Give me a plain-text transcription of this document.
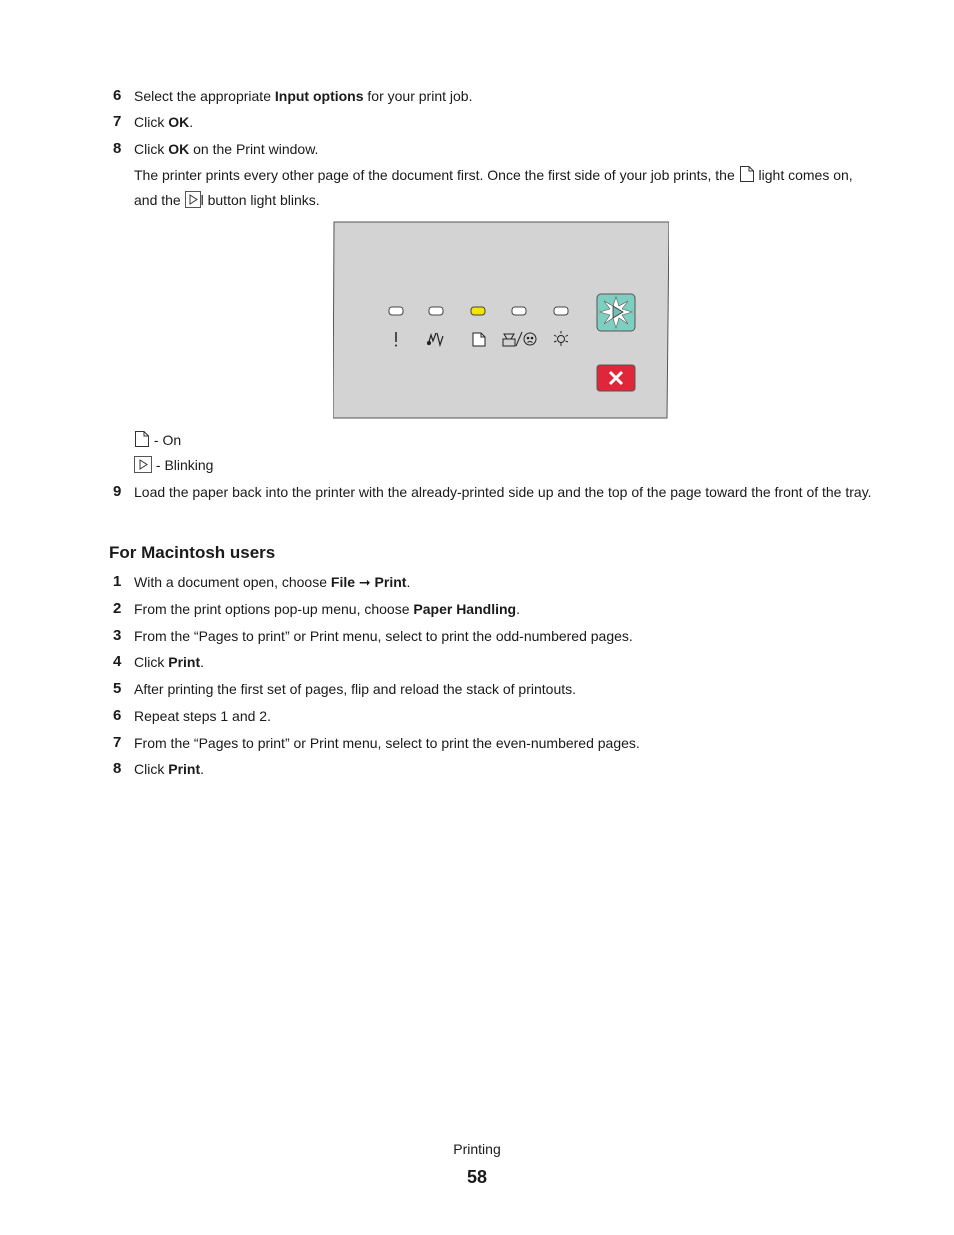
6 Select the appropriate Input options for your print job.
7 Click OK.
8 Click OK on the Print window.
The printer prints every other page of the document first. Once the first side of your job prints, the  light comes on, and the l button light blinks.
- On
- Blinking
9 Load the paper back into the printer with the already-printed side up and the top of the page toward the front of the tray.
For Macintosh users
1 With a document open, choose File ➞ Print.
2 From the print options pop-up menu, choose Paper Handling.
3 From the “Pages to print” or Print menu, select to print the odd-numbered pages.
4 Click Print.
5 After printing the first set of pages, flip and reload the stack of printouts.
6 Repeat steps 1 and 2.
7 From the “Pages to print” or Print menu, select to print the even-numbered pages.
8 Click Print.
Printing
58
